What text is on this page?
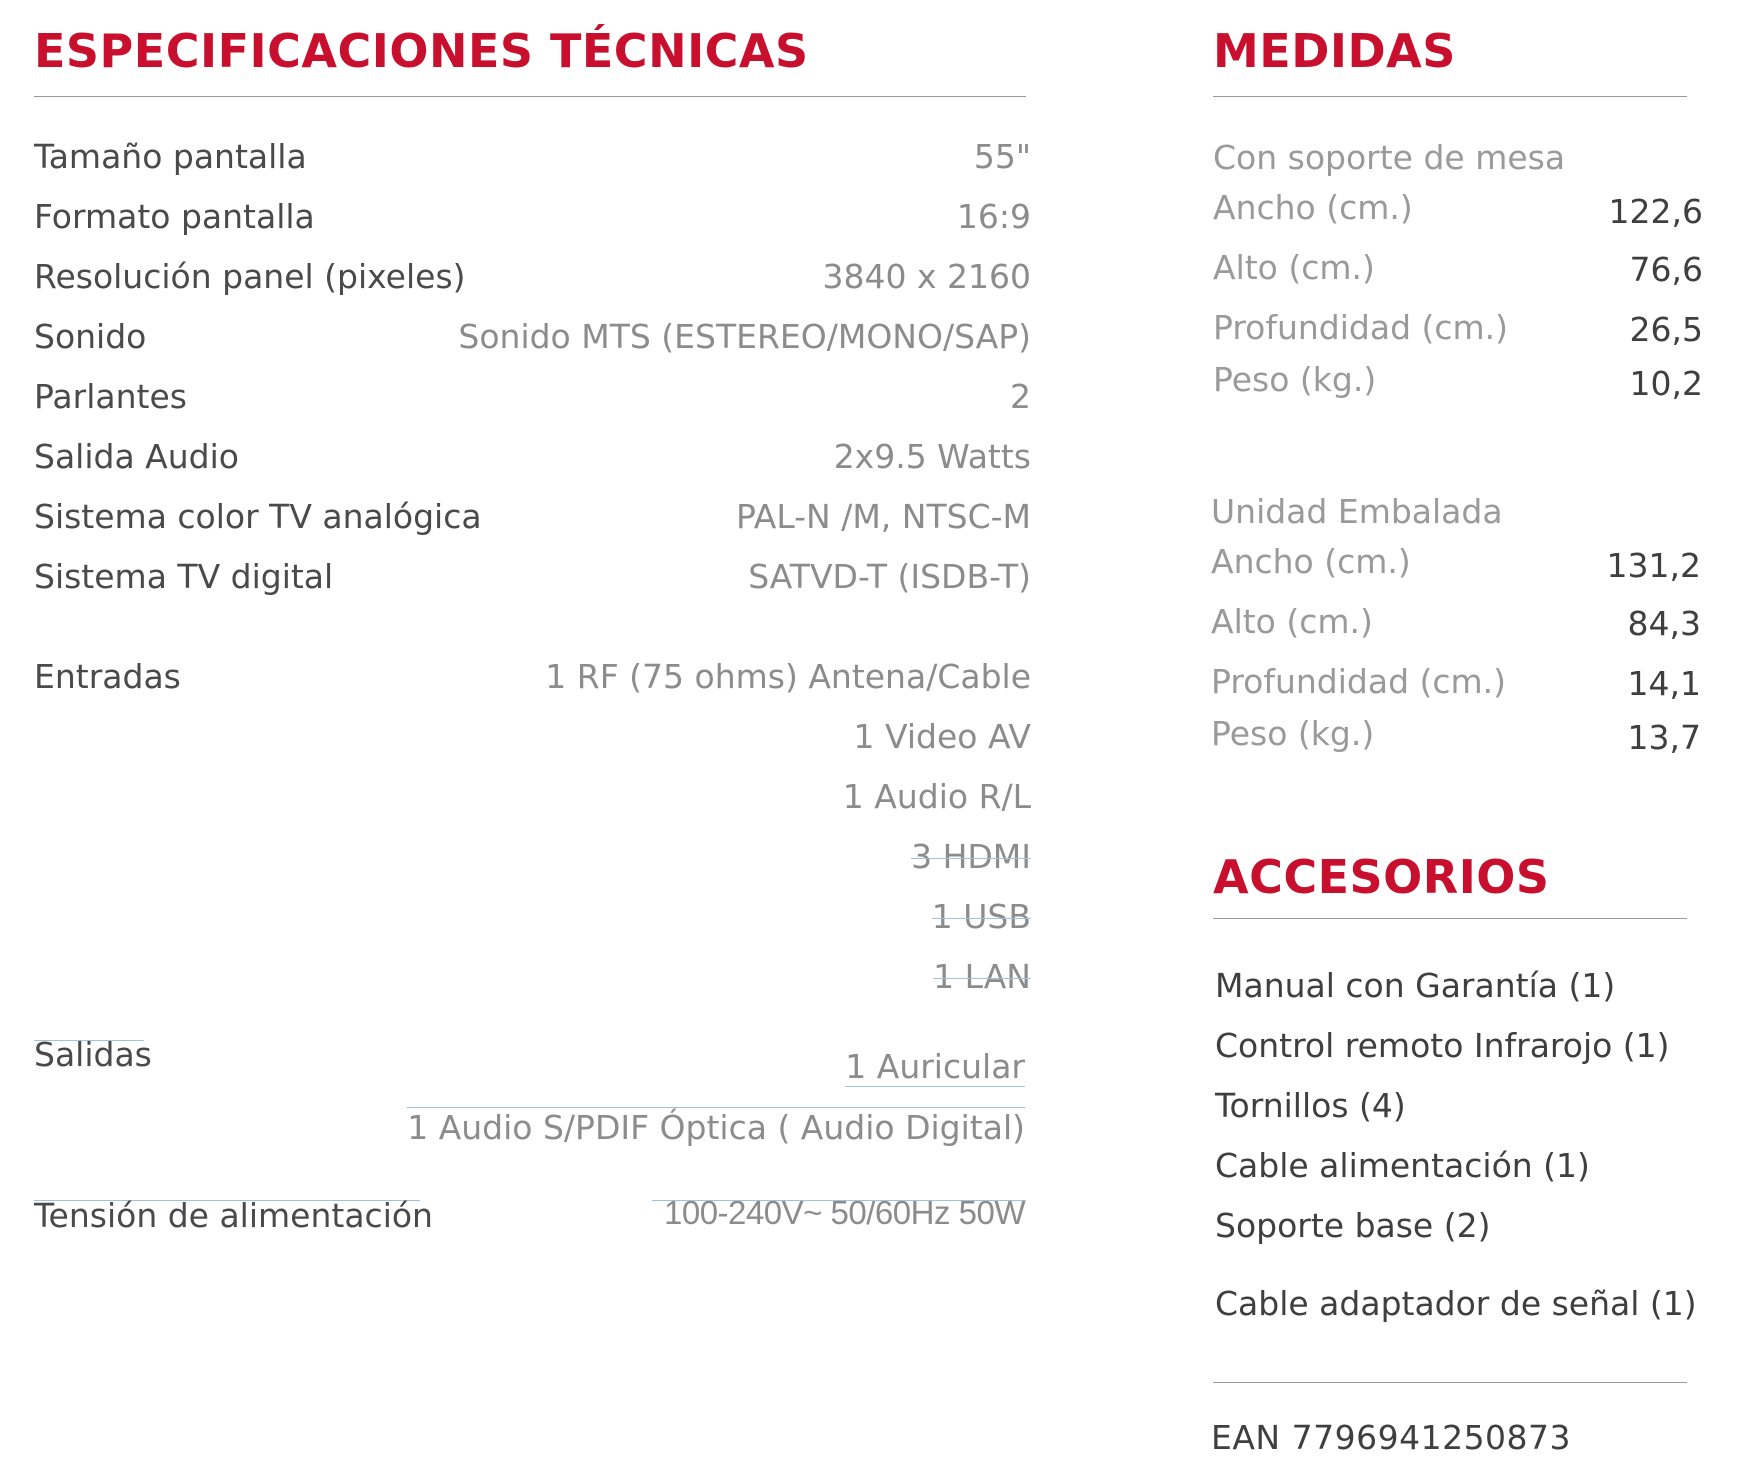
ESPECIFICACIONES TÉCNICAS
Tamaño pantalla	55"
Formato pantalla	16:9
Resolución panel (pixeles)	3840 x 2160
Sonido	Sonido MTS (ESTEREO/MONO/SAP)
Parlantes	2
Salida Audio	2x9.5 Watts
Sistema color TV analógica	PAL-N /M, NTSC-M
Sistema TV digital	SATVD-T (ISDB-T)
Entradas	1 RF (75 ohms) Antena/Cable
1 Video AV
1 Audio R/L
3 HDMI
1 USB
1 LAN
Salidas	1 Auricular
1 Audio S/PDIF Óptica ( Audio Digital)
Tensión de alimentación	100-240V~ 50/60Hz 50W
MEDIDAS
Con soporte de mesa
Ancho (cm.)	122,6
Alto (cm.)	76,6
Profundidad (cm.)	26,5
Peso (kg.)	10,2
Unidad Embalada
Ancho (cm.)	131,2
Alto (cm.)	84,3
Profundidad (cm.)	14,1
Peso (kg.)	13,7
ACCESORIOS
Manual con Garantía (1)
Control remoto Infrarojo (1)
Tornillos (4)
Cable alimentación (1)
Soporte base (2)
Cable adaptador de señal (1)
EAN 7796941250873
